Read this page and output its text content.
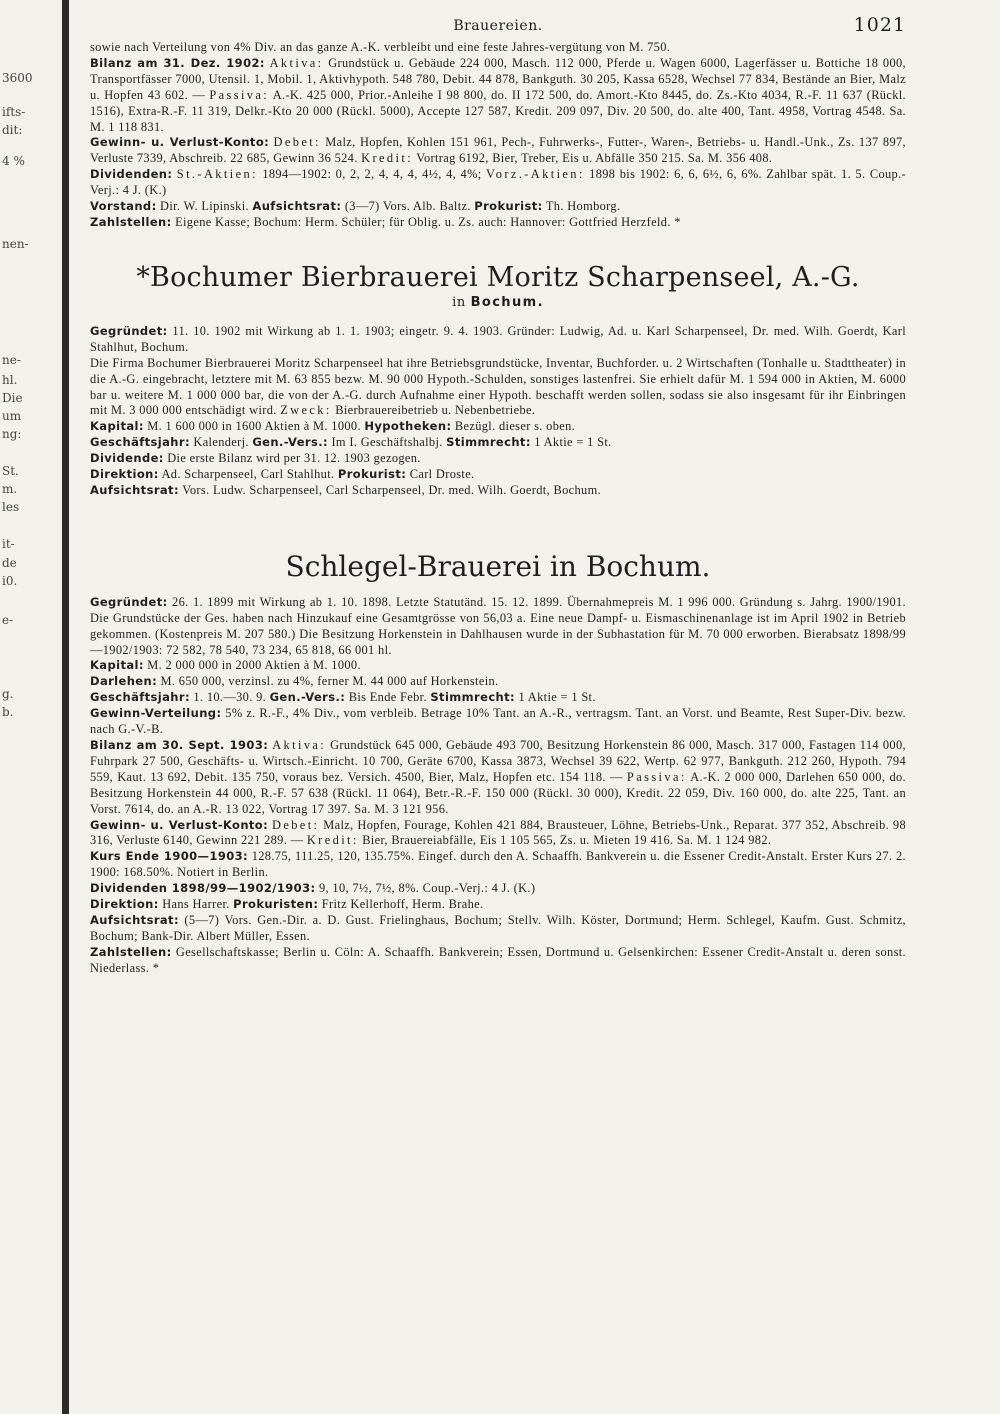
3600
ifts-
dit:
4 %
nen-
ne-
hl.
Die
um
ng:
St.
m.
les
it-
de
i0.
e-
g.
b.
Brauereien.	1021

sowie nach Verteilung von 4% Div. an das ganze A.-K. verbleibt und eine feste Jahres-vergütung von M. 750.

Bilanz am 31. Dez. 1902: Aktiva: Grundstück u. Gebäude 224 000, Masch. 112 000, Pferde u. Wagen 6000, Lagerfässer u. Bottiche 18 000, Transportfässer 7000, Utensil. 1, Mobil. 1, Aktivhypoth. 548 780, Debit. 44 878, Bankguth. 30 205, Kassa 6528, Wechsel 77 834, Bestände an Bier, Malz u. Hopfen 43 602. — Passiva: A.-K. 425 000, Prior.-Anleihe I 98 800, do. II 172 500, do. Amort.-Kto 8445, do. Zs.-Kto 4034, R.-F. 11 637 (Rückl. 1516), Extra-R.-F. 11 319, Delkr.-Kto 20 000 (Rückl. 5000), Accepte 127 587, Kredit. 209 097, Div. 20 500, do. alte 400, Tant. 4958, Vortrag 4548. Sa. M. 1 118 831.

Gewinn- u. Verlust-Konto: Debet: Malz, Hopfen, Kohlen 151 961, Pech-, Fuhrwerks-, Futter-, Waren-, Betriebs- u. Handl.-Unk., Zs. 137 897, Verluste 7339, Abschreib. 22 685, Gewinn 36 524. Kredit: Vortrag 6192, Bier, Treber, Eis u. Abfälle 350 215. Sa. M. 356 408.

Dividenden: St.-Aktien: 1894—1902: 0, 2, 2, 4, 4, 4, 4½, 4, 4%; Vorz.-Aktien: 1898 bis 1902: 6, 6, 6½, 6, 6%. Zahlbar spät. 1. 5. Coup.-Verj.: 4 J. (K.)

Vorstand: Dir. W. Lipinski. Aufsichtsrat: (3—7) Vors. Alb. Baltz. Prokurist: Th. Homborg.

Zahlstellen: Eigene Kasse; Bochum: Herm. Schüler; für Oblig. u. Zs. auch: Hannover: Gottfried Herzfeld. *

*Bochumer Bierbrauerei Moritz Scharpenseel, A.-G.
in Bochum.

Gegründet: 11. 10. 1902 mit Wirkung ab 1. 1. 1903; eingetr. 9. 4. 1903. Gründer: Ludwig, Ad. u. Karl Scharpenseel, Dr. med. Wilh. Goerdt, Karl Stahlhut, Bochum.

Die Firma Bochumer Bierbrauerei Moritz Scharpenseel hat ihre Betriebsgrundstücke, Inventar, Buchforder. u. 2 Wirtschaften (Tonhalle u. Stadttheater) in die A.-G. eingebracht, letztere mit M. 63 855 bezw. M. 90 000 Hypoth.-Schulden, sonstiges lastenfrei. Sie erhielt dafür M. 1 594 000 in Aktien, M. 6000 bar u. weitere M. 1 000 000 bar, die von der A.-G. durch Aufnahme einer Hypoth. beschafft werden sollen, sodass sie also insgesamt für ihr Einbringen mit M. 3 000 000 entschädigt wird. Zweck: Bierbrauereibetrieb u. Nebenbetriebe.

Kapital: M. 1 600 000 in 1600 Aktien à M. 1000. Hypotheken: Bezügl. dieser s. oben.

Geschäftsjahr: Kalenderj. Gen.-Vers.: Im I. Geschäftshalbj. Stimmrecht: 1 Aktie = 1 St.

Dividende: Die erste Bilanz wird per 31. 12. 1903 gezogen.

Direktion: Ad. Scharpenseel, Carl Stahlhut. Prokurist: Carl Droste.

Aufsichtsrat: Vors. Ludw. Scharpenseel, Carl Scharpenseel, Dr. med. Wilh. Goerdt, Bochum.

Schlegel-Brauerei in Bochum.

Gegründet: 26. 1. 1899 mit Wirkung ab 1. 10. 1898. Letzte Statutänd. 15. 12. 1899. Übernahmepreis M. 1 996 000. Gründung s. Jahrg. 1900/1901. Die Grundstücke der Ges. haben nach Hinzukauf eine Gesamtgrösse von 56,03 a. Eine neue Dampf- u. Eismaschinenanlage ist im April 1902 in Betrieb gekommen. (Kostenpreis M. 207 580.) Die Besitzung Horkenstein in Dahlhausen wurde in der Subhastation für M. 70 000 erworben. Bierabsatz 1898/99—1902/1903: 72 582, 78 540, 73 234, 65 818, 66 001 hl.

Kapital: M. 2 000 000 in 2000 Aktien à M. 1000.

Darlehen: M. 650 000, verzinsl. zu 4%, ferner M. 44 000 auf Horkenstein.

Geschäftsjahr: 1. 10.—30. 9. Gen.-Vers.: Bis Ende Febr. Stimmrecht: 1 Aktie = 1 St.

Gewinn-Verteilung: 5% z. R.-F., 4% Div., vom verbleib. Betrage 10% Tant. an A.-R., vertragsm. Tant. an Vorst. und Beamte, Rest Super-Div. bezw. nach G.-V.-B.

Bilanz am 30. Sept. 1903: Aktiva: Grundstück 645 000, Gebäude 493 700, Besitzung Horkenstein 86 000, Masch. 317 000, Fastagen 114 000, Fuhrpark 27 500, Geschäfts- u. Wirtsch.-Einricht. 10 700, Geräte 6700, Kassa 3873, Wechsel 39 622, Wertp. 62 977, Bankguth. 212 260, Hypoth. 794 559, Kaut. 13 692, Debit. 135 750, voraus bez. Versich. 4500, Bier, Malz, Hopfen etc. 154 118. — Passiva: A.-K. 2 000 000, Darlehen 650 000, do. Besitzung Horkenstein 44 000, R.-F. 57 638 (Rückl. 11 064), Betr.-R.-F. 150 000 (Rückl. 30 000), Kredit. 22 059, Div. 160 000, do. alte 225, Tant. an Vorst. 7614, do. an A.-R. 13 022, Vortrag 17 397. Sa. M. 3 121 956.

Gewinn- u. Verlust-Konto: Debet: Malz, Hopfen, Fourage, Kohlen 421 884, Brausteuer, Löhne, Betriebs-Unk., Reparat. 377 352, Abschreib. 98 316, Verluste 6140, Gewinn 221 289. — Kredit: Bier, Brauereiabfälle, Eis 1 105 565, Zs. u. Mieten 19 416. Sa. M. 1 124 982.

Kurs Ende 1900—1903: 128.75, 111.25, 120, 135.75%. Eingef. durch den A. Schaaffh. Bankverein u. die Essener Credit-Anstalt. Erster Kurs 27. 2. 1900: 168.50%. Notiert in Berlin.

Dividenden 1898/99—1902/1903: 9, 10, 7½, 7½, 8%. Coup.-Verj.: 4 J. (K.)

Direktion: Hans Harrer. Prokuristen: Fritz Kellerhoff, Herm. Brahe.

Aufsichtsrat: (5—7) Vors. Gen.-Dir. a. D. Gust. Frielinghaus, Bochum; Stellv. Wilh. Köster, Dortmund; Herm. Schlegel, Kaufm. Gust. Schmitz, Bochum; Bank-Dir. Albert Müller, Essen.

Zahlstellen: Gesellschaftskasse; Berlin u. Cöln: A. Schaaffh. Bankverein; Essen, Dortmund u. Gelsenkirchen: Essener Credit-Anstalt u. deren sonst. Niederlass. *
